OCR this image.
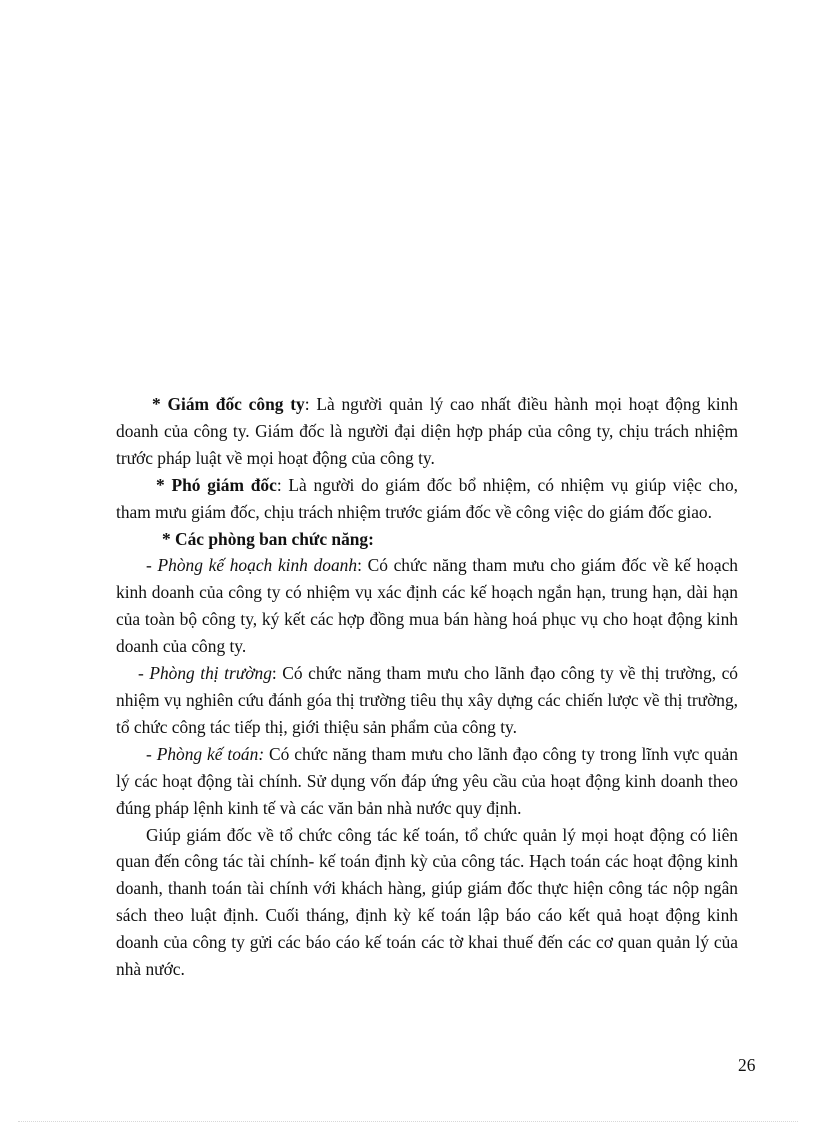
* Giám đốc công ty: Là người quản lý cao nhất điều hành mọi hoạt động kinh doanh của công ty. Giám đốc là người đại diện hợp pháp của công ty, chịu trách nhiệm trước pháp luật về mọi hoạt động của công ty.

* Phó giám đốc: Là người do giám đốc bổ nhiệm, có nhiệm vụ giúp việc cho, tham mưu giám đốc, chịu trách nhiệm trước giám đốc về công việc do giám đốc giao.

* Các phòng ban chức năng:

- Phòng kế hoạch kinh doanh: Có chức năng tham mưu cho giám đốc về kế hoạch kinh doanh của công ty có nhiệm vụ xác định các kế hoạch ngắn hạn, trung hạn, dài hạn của toàn bộ công ty, ký kết các hợp đồng mua bán hàng hoá phục vụ cho hoạt động kinh doanh của công ty.

- Phòng thị trường: Có chức năng tham mưu cho lãnh đạo công ty về thị trường, có nhiệm vụ nghiên cứu đánh góa thị trường tiêu thụ xây dựng các chiến lược về thị trường, tổ chức công tác tiếp thị, giới thiệu sản phẩm của công ty.

- Phòng kế toán: Có chức năng tham mưu cho lãnh đạo công ty trong lĩnh vực quản lý các hoạt động tài chính. Sử dụng vốn đáp ứng yêu cầu của hoạt động kinh doanh theo đúng pháp lệnh kinh tế và các văn bản nhà nước quy định.

Giúp giám đốc về tổ chức công tác kế toán, tổ chức quản lý mọi hoạt động có liên quan đến công tác tài chính- kế toán định kỳ của công tác. Hạch toán các hoạt động kinh doanh, thanh toán tài chính với khách hàng, giúp giám đốc thực hiện công tác nộp ngân sách theo luật định. Cuối tháng, định kỳ kế toán lập báo cáo kết quả hoạt động kinh doanh của công ty gửi các báo cáo kế toán các tờ khai thuế đến các cơ quan quản lý của nhà nước.

26
